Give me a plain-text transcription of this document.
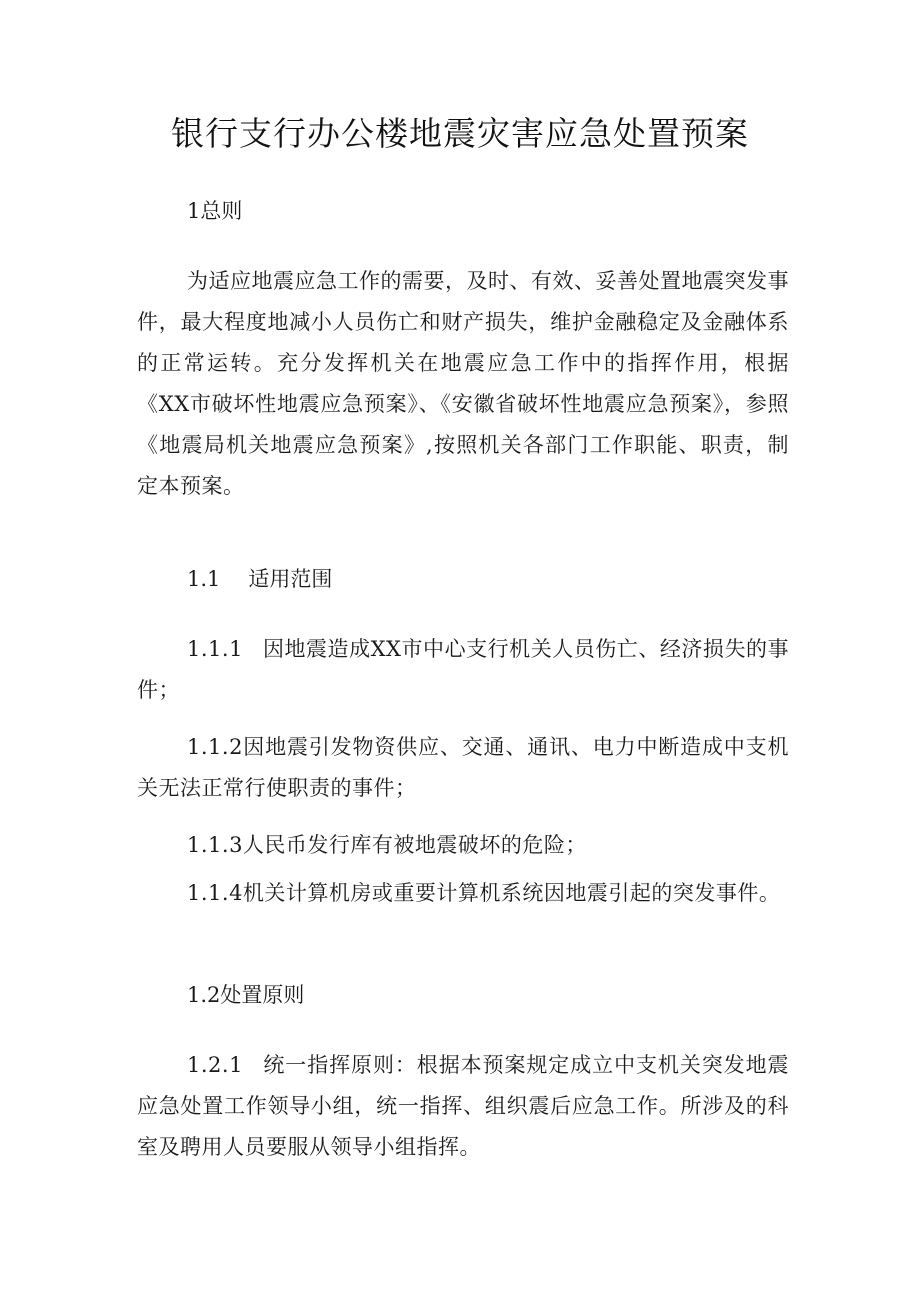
银行支行办公楼地震灾害应急处置预案

1总则

为适应地震应急工作的需要，及时、有效、妥善处置地震突发事件，最大程度地减小人员伤亡和财产损失，维护金融稳定及金融体系的正常运转。充分发挥机关在地震应急工作中的指挥作用，根据《XX市破坏性地震应急预案》、《安徽省破坏性地震应急预案》，参照《地震局机关地震应急预案》,按照机关各部门工作职能、职责，制定本预案。

1.1 适用范围

1.1.1 因地震造成XX市中心支行机关人员伤亡、经济损失的事件；

1.1.2因地震引发物资供应、交通、通讯、电力中断造成中支机关无法正常行使职责的事件；

1.1.3人民币发行库有被地震破坏的危险；

1.1.4机关计算机房或重要计算机系统因地震引起的突发事件。

1.2处置原则

1.2.1 统一指挥原则：根据本预案规定成立中支机关突发地震应急处置工作领导小组，统一指挥、组织震后应急工作。所涉及的科室及聘用人员要服从领导小组指挥。
